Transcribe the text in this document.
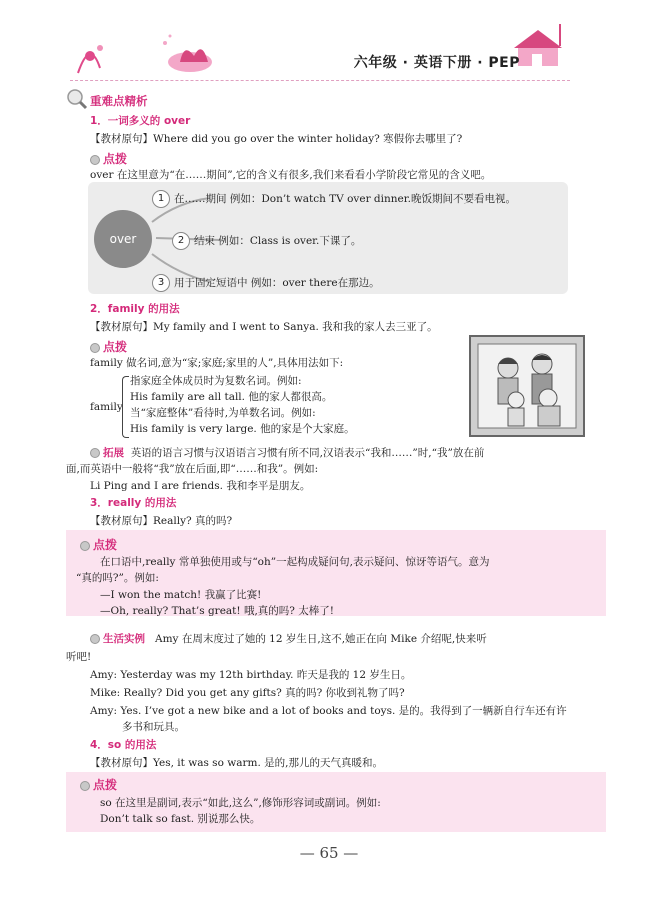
六年级 · 英语下册 · PEP
重难点精析
1．一词多义的 over
【教材原句】Where did you go over the winter holiday? 寒假你去哪里了?
点拨
over 在这里意为“在……期间”,它的含义有很多,我们来看看小学阶段它常见的含义吧。
over
1 在……期间 例如：Don’t watch TV over dinner.晚饭期间不要看电视。
2 结束 例如：Class is over.下课了。
3 用于固定短语中 例如：over there在那边。
2．family 的用法
【教材原句】My family and I went to Sanya. 我和我的家人去三亚了。
点拨
family 做名词,意为“家;家庭;家里的人”,具体用法如下:
family
指家庭全体成员时为复数名词。例如:
His family are all tall. 他的家人都很高。
当“家庭整体”看待时,为单数名词。例如:
His family is very large. 他的家是个大家庭。
拓展 英语的语言习惯与汉语语言习惯有所不同,汉语表示“我和……”时,“我”放在前
面,而英语中一般将“我”放在后面,即“……和我”。例如:
Li Ping and I are friends. 我和李平是朋友。
3．really 的用法
【教材原句】Really? 真的吗?
点拨
在口语中,really 常单独使用或与“oh”一起构成疑问句,表示疑问、惊讶等语气。意为
“真的吗?”。例如:
—I won the match! 我赢了比赛!
—Oh, really? That’s great! 哦,真的吗? 太棒了!
生活实例 Amy 在周末度过了她的 12 岁生日,这不,她正在向 Mike 介绍呢,快来听
听吧!
Amy: Yesterday was my 12th birthday. 昨天是我的 12 岁生日。
Mike: Really? Did you get any gifts? 真的吗? 你收到礼物了吗?
Amy: Yes. I’ve got a new bike and a lot of books and toys. 是的。我得到了一辆新自行车还有许
多书和玩具。
4．so 的用法
【教材原句】Yes, it was so warm. 是的,那儿的天气真暖和。
点拨
so 在这里是副词,表示“如此,这么”,修饰形容词或副词。例如:
Don’t talk so fast. 别说那么快。
— 65 —
